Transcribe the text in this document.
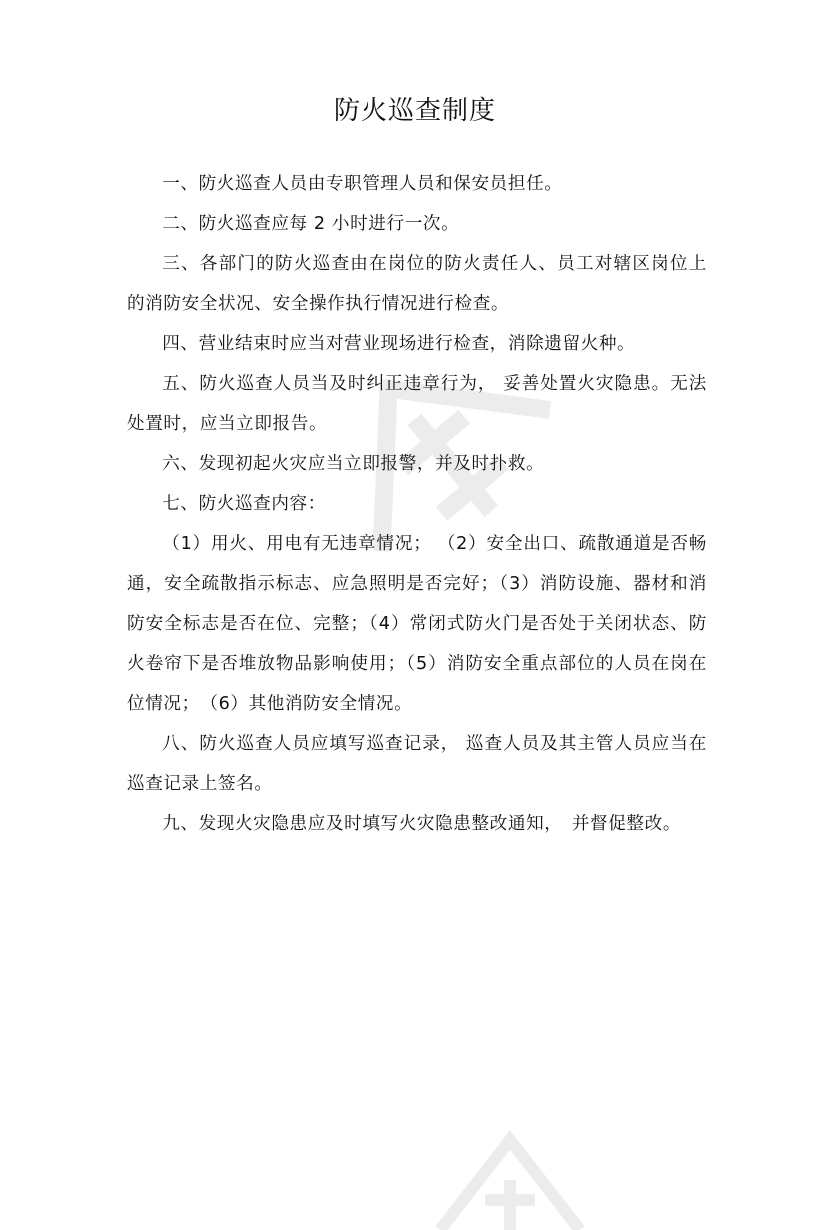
防火巡查制度

一、防火巡查人员由专职管理人员和保安员担任。

二、防火巡查应每 2 小时进行一次。

三、各部门的防火巡查由在岗位的防火责任人、员工对辖区岗位上的消防安全状况、安全操作执行情况进行检查。

四、营业结束时应当对营业现场进行检查，消除遗留火种。

五、防火巡查人员当及时纠正违章行为， 妥善处置火灾隐患。无法处置时，应当立即报告。

六、发现初起火灾应当立即报警，并及时扑救。

七、防火巡查内容：

（1）用火、用电有无违章情况； （2）安全出口、疏散通道是否畅通，安全疏散指示标志、应急照明是否完好；（3）消防设施、器材和消防安全标志是否在位、完整；（4）常闭式防火门是否处于关闭状态、防火卷帘下是否堆放物品影响使用；（5）消防安全重点部位的人员在岗在位情况；　（6）其他消防安全情况。

八、防火巡查人员应填写巡查记录， 巡查人员及其主管人员应当在巡查记录上签名。

九、发现火灾隐患应及时填写火灾隐患整改通知，　并督促整改。
